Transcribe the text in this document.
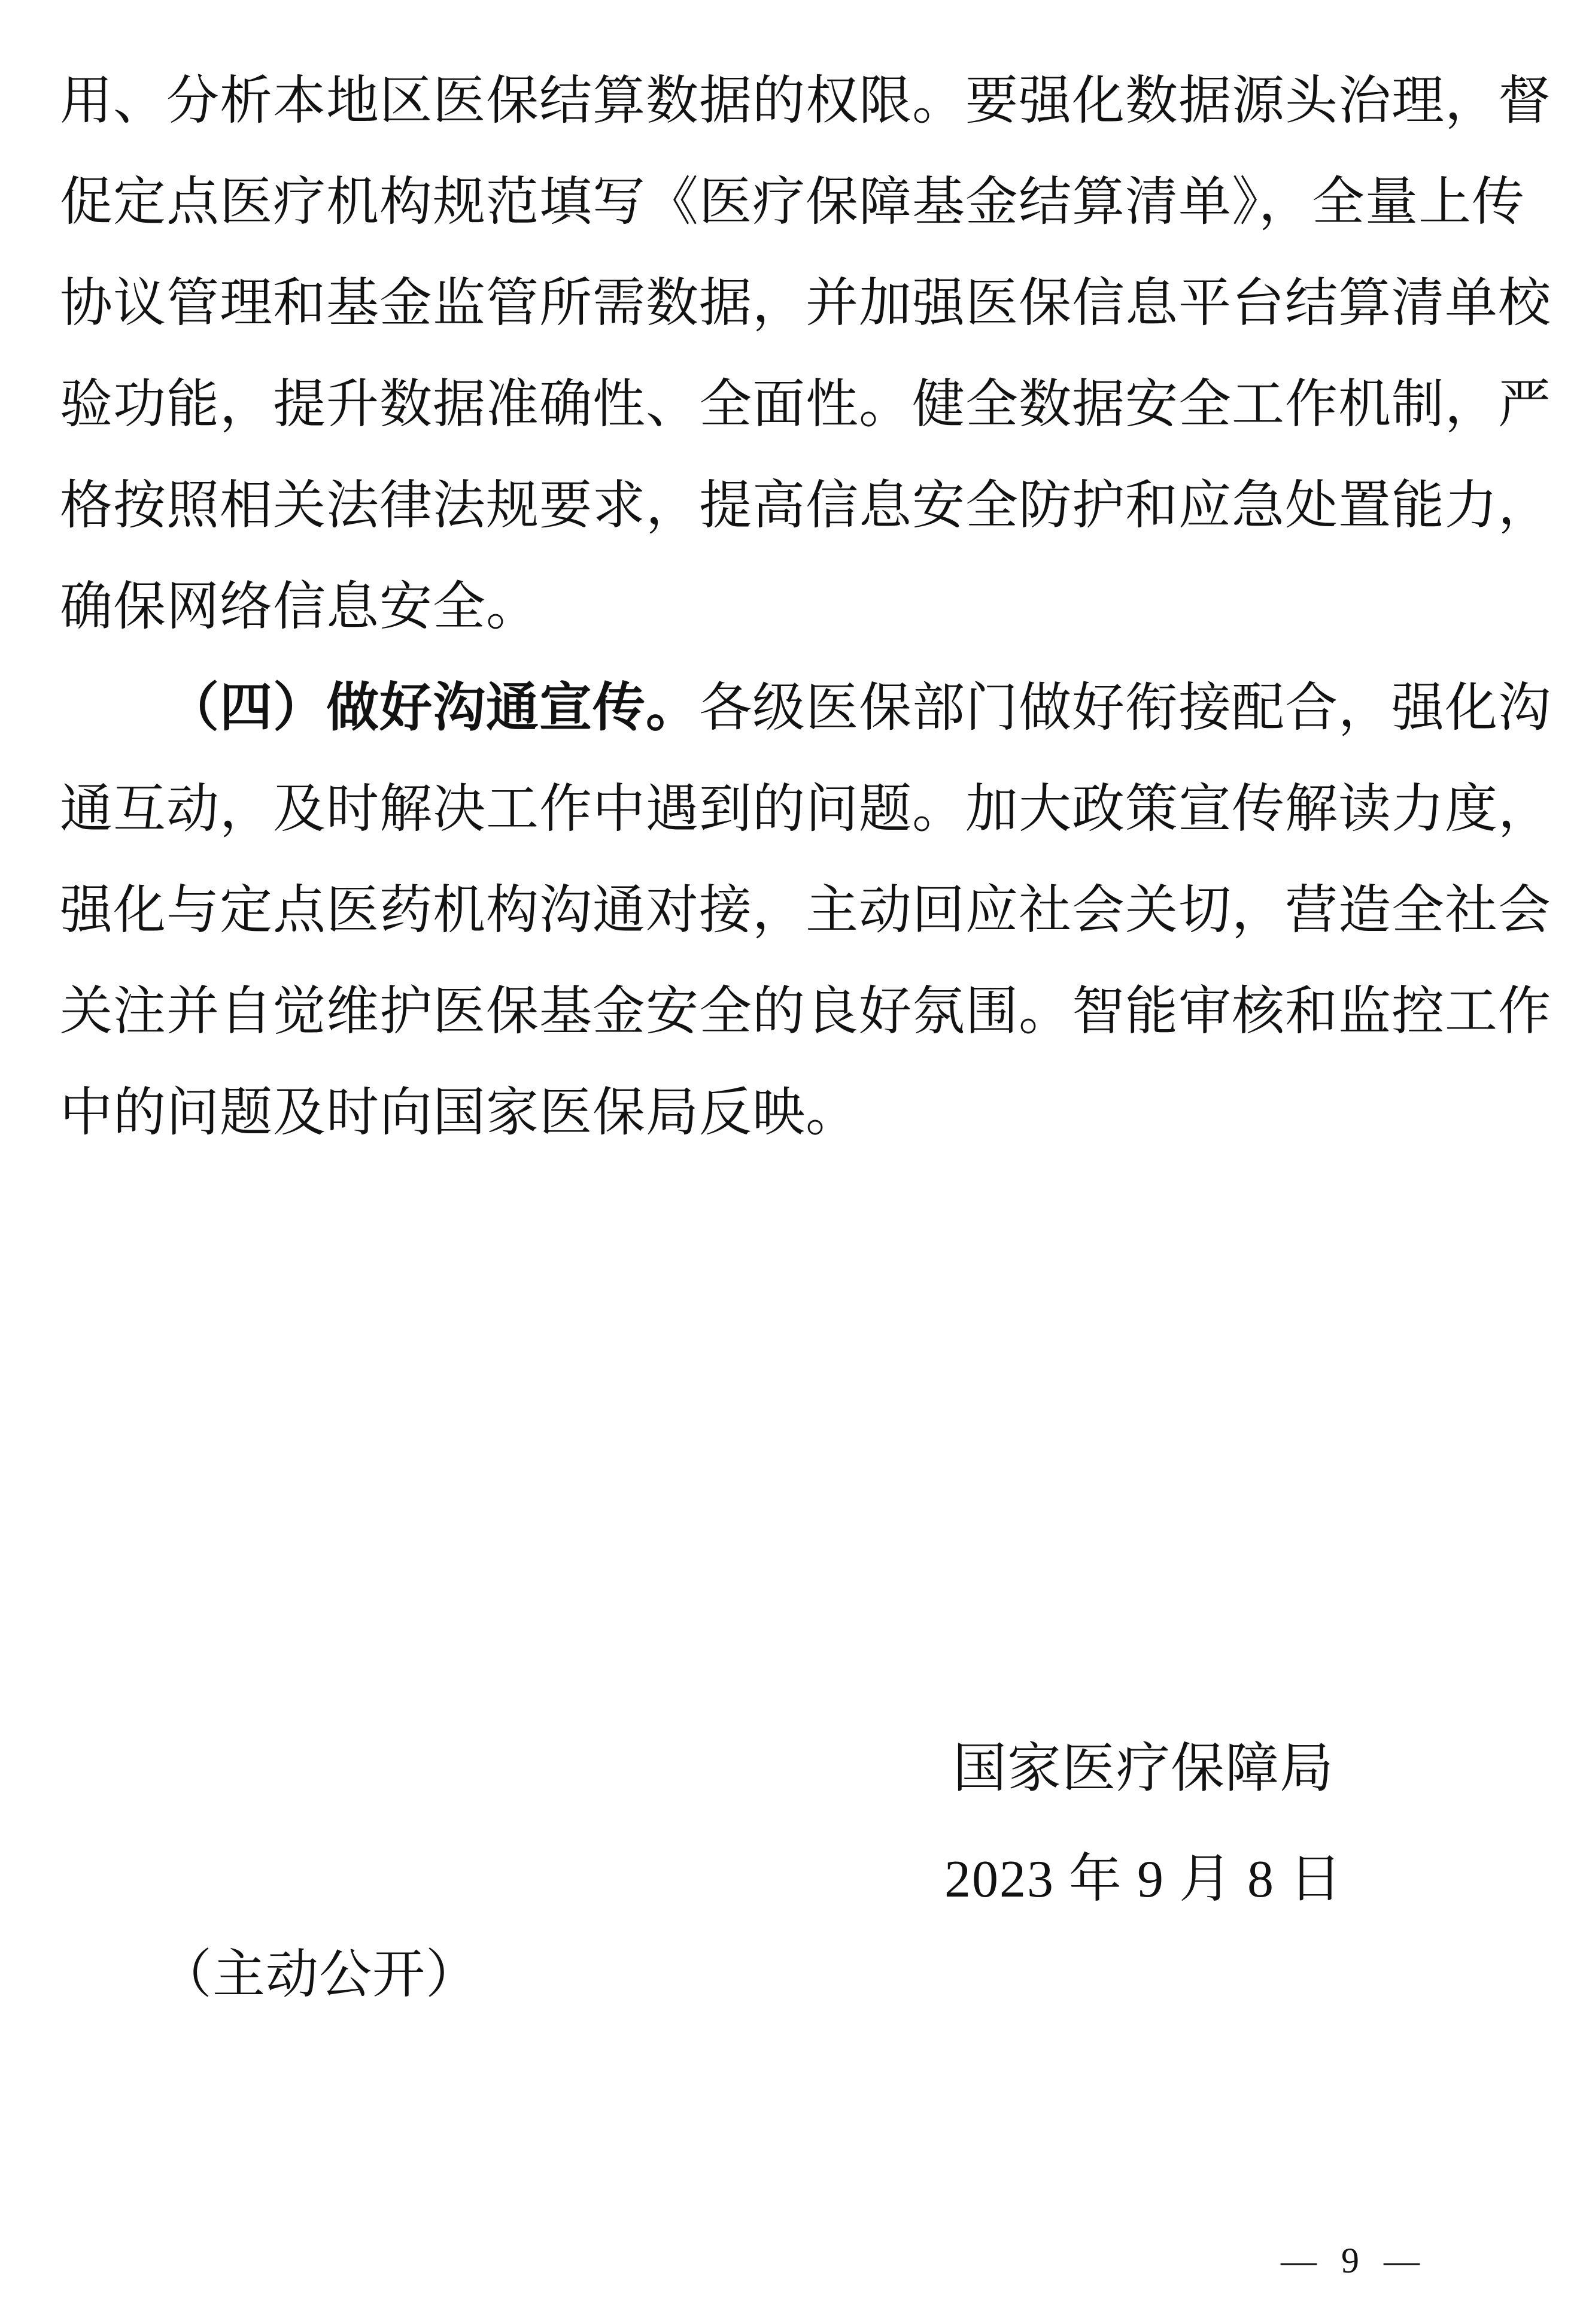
用、分析本地区医保结算数据的权限。要强化数据源头治理，督
促定点医疗机构规范填写《医疗保障基金结算清单》，全量上传
协议管理和基金监管所需数据，并加强医保信息平台结算清单校
验功能，提升数据准确性、全面性。健全数据安全工作机制，严
格按照相关法律法规要求，提高信息安全防护和应急处置能力，
确保网络信息安全。
（四）做好沟通宣传。各级医保部门做好衔接配合，强化沟
通互动，及时解决工作中遇到的问题。加大政策宣传解读力度，
强化与定点医药机构沟通对接，主动回应社会关切，营造全社会
关注并自觉维护医保基金安全的良好氛围。智能审核和监控工作
中的问题及时向国家医保局反映。
国家医疗保障局
2023 年 9 月 8 日
（主动公开）
— 9 —
